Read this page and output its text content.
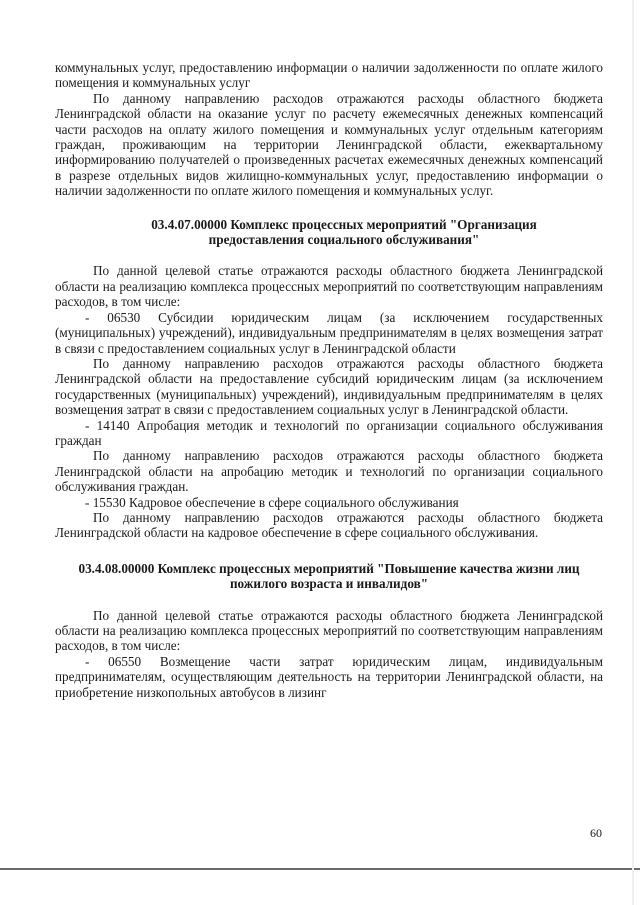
коммунальных услуг, предоставлению информации о наличии задолженности по оплате жилого помещения и коммунальных услуг

По данному направлению расходов отражаются расходы областного бюджета Ленинградской области на оказание услуг по расчету ежемесячных денежных компенсаций части расходов на оплату жилого помещения и коммунальных услуг отдельным категориям граждан, проживающим на территории Ленинградской области, ежеквартальному информированию получателей о произведенных расчетах ежемесячных денежных компенсаций в разрезе отдельных видов жилищно-коммунальных услуг, предоставлению информации о наличии задолженности по оплате жилого помещения и коммунальных услуг.

03.4.07.00000 Комплекс процессных мероприятий "Организация предоставления социального обслуживания"

По данной целевой статье отражаются расходы областного бюджета Ленинградской области на реализацию комплекса процессных мероприятий по соответствующим направлениям расходов, в том числе:

- 06530 Субсидии юридическим лицам (за исключением государственных (муниципальных) учреждений), индивидуальным предпринимателям в целях возмещения затрат в связи с предоставлением социальных услуг в Ленинградской области

По данному направлению расходов отражаются расходы областного бюджета Ленинградской области на предоставление субсидий юридическим лицам (за исключением государственных (муниципальных) учреждений), индивидуальным предпринимателям в целях возмещения затрат в связи с предоставлением социальных услуг в Ленинградской области.

- 14140 Апробация методик и технологий по организации социального обслуживания граждан

По данному направлению расходов отражаются расходы областного бюджета Ленинградской области на апробацию методик и технологий по организации социального обслуживания граждан.

- 15530 Кадровое обеспечение в сфере социального обслуживания

По данному направлению расходов отражаются расходы областного бюджета Ленинградской области на кадровое обеспечение в сфере социального обслуживания.

03.4.08.00000 Комплекс процессных мероприятий "Повышение качества жизни лиц пожилого возраста и инвалидов"

По данной целевой статье отражаются расходы областного бюджета Ленинградской области на реализацию комплекса процессных мероприятий по соответствующим направлениям расходов, в том числе:

- 06550 Возмещение части затрат юридическим лицам, индивидуальным предпринимателям, осуществляющим деятельность на территории Ленинградской области, на приобретение низкопольных автобусов в лизинг

60
